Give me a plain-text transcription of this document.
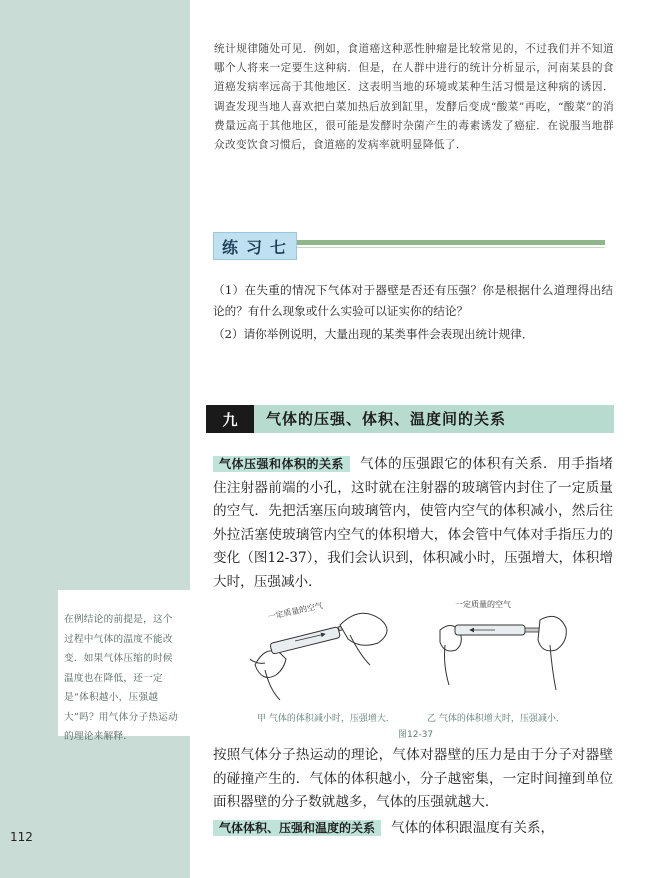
112
统计规律随处可见．例如，食道癌这种恶性肿瘤是比较常见的，不过我们并不知道哪个人将来一定要生这种病．但是，在人群中进行的统计分析显示，河南某县的食道癌发病率远高于其他地区．这表明当地的环境或某种生活习惯是这种病的诱因．调查发现当地人喜欢把白菜加热后放到缸里，发酵后变成“酸菜”再吃，“酸菜”的消费量远高于其他地区，很可能是发酵时杂菌产生的毒素诱发了癌症．在说服当地群众改变饮食习惯后，食道癌的发病率就明显降低了．
练习七
（1）在失重的情况下气体对于器壁是否还有压强？你是根据什么道理得出结论的？有什么现象或什么实验可以证实你的结论？
（2）请你举例说明，大量出现的某类事件会表现出统计规律．
九	气体的压强、体积、温度间的关系
气体压强和体积的关系 气体的压强跟它的体积有关系．用手指堵住注射器前端的小孔，这时就在注射器的玻璃管内封住了一定质量的空气．先把活塞压向玻璃管内，使管内空气的体积减小，然后往外拉活塞使玻璃管内空气的体积增大，体会管中气体对手指压力的变化（图12-37），我们会认识到，体积减小时，压强增大，体积增大时，压强减小．
在例结论的前提是，这个过程中气体的温度不能改变．如果气体压缩的时候温度也在降低，还一定是“体积越小，压强越大”吗？用气体分子热运动的理论来解释．
一定质量的空气	一定质量的空气
甲 气体的体积减小时，压强增大．	乙 气体的体积增大时，压强减小．
图12-37
按照气体分子热运动的理论，气体对器壁的压力是由于分子对器壁的碰撞产生的．气体的体积越小，分子越密集，一定时间撞到单位面积器壁的分子数就越多，气体的压强就越大．
气体体积、压强和温度的关系 气体的体积跟温度有关系，
